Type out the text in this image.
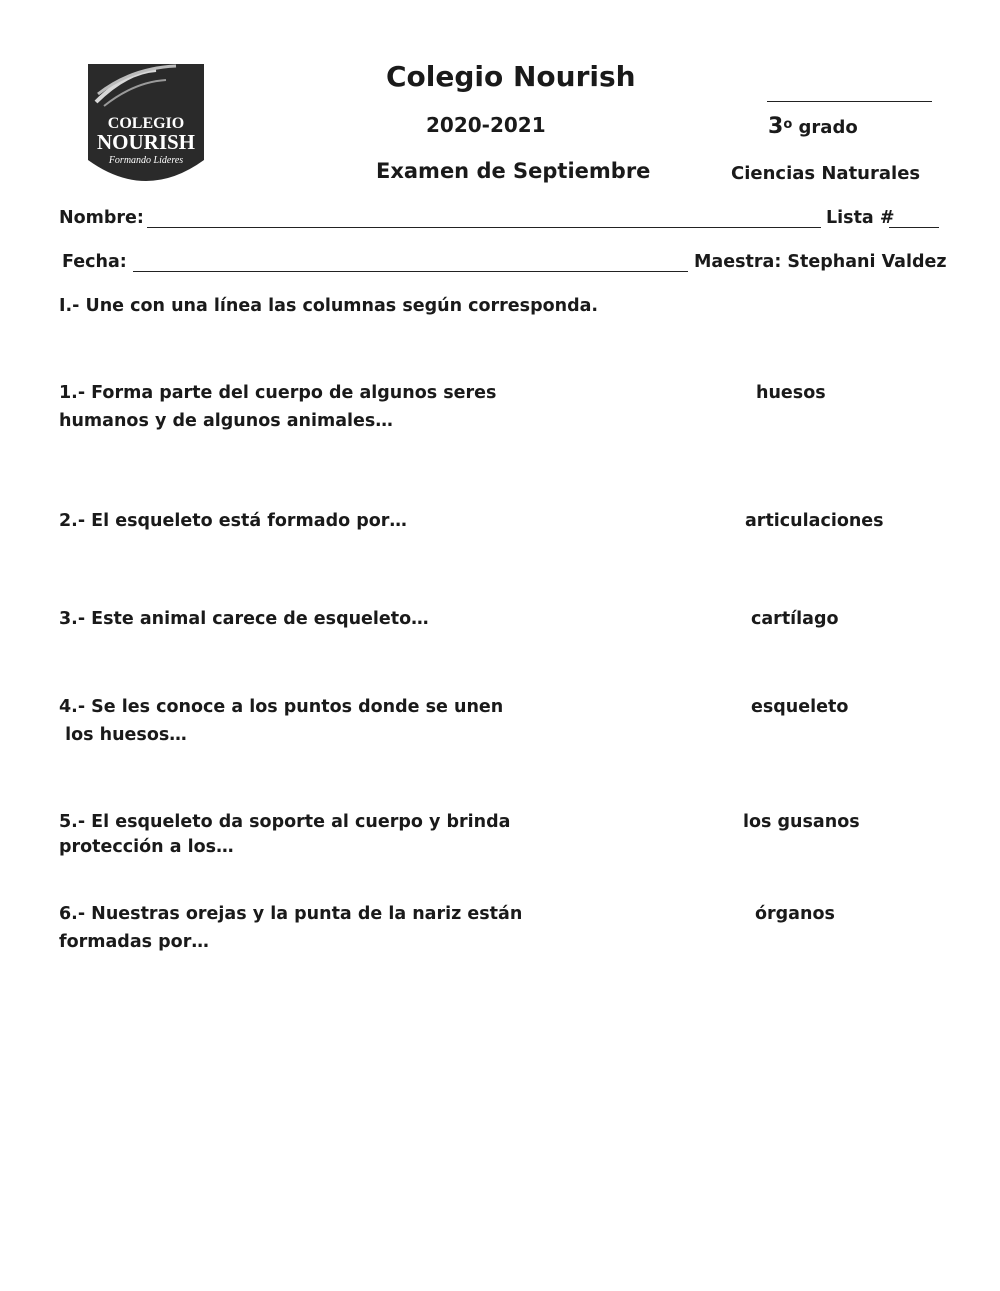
COLEGIO
NOURISH
Formando Líderes
Colegio Nourish
2020-2021
Examen de Septiembre
3$^o$ grado
Ciencias Naturales
Nombre:	Lista #
Fecha:	Maestra: Stephani Valdez
I.- Une con una línea las columnas según corresponda.
1.- Forma parte del cuerpo de algunos seres
humanos y de algunos animales…
2.- El esqueleto está formado por…
3.- Este animal carece de esqueleto…
4.- Se les conoce a los puntos donde se unen
los huesos…
5.- El esqueleto da soporte al cuerpo y brinda
protección a los…
6.- Nuestras orejas y la punta de la nariz están
formadas por…
huesos
articulaciones
cartílago
esqueleto
los gusanos
órganos
